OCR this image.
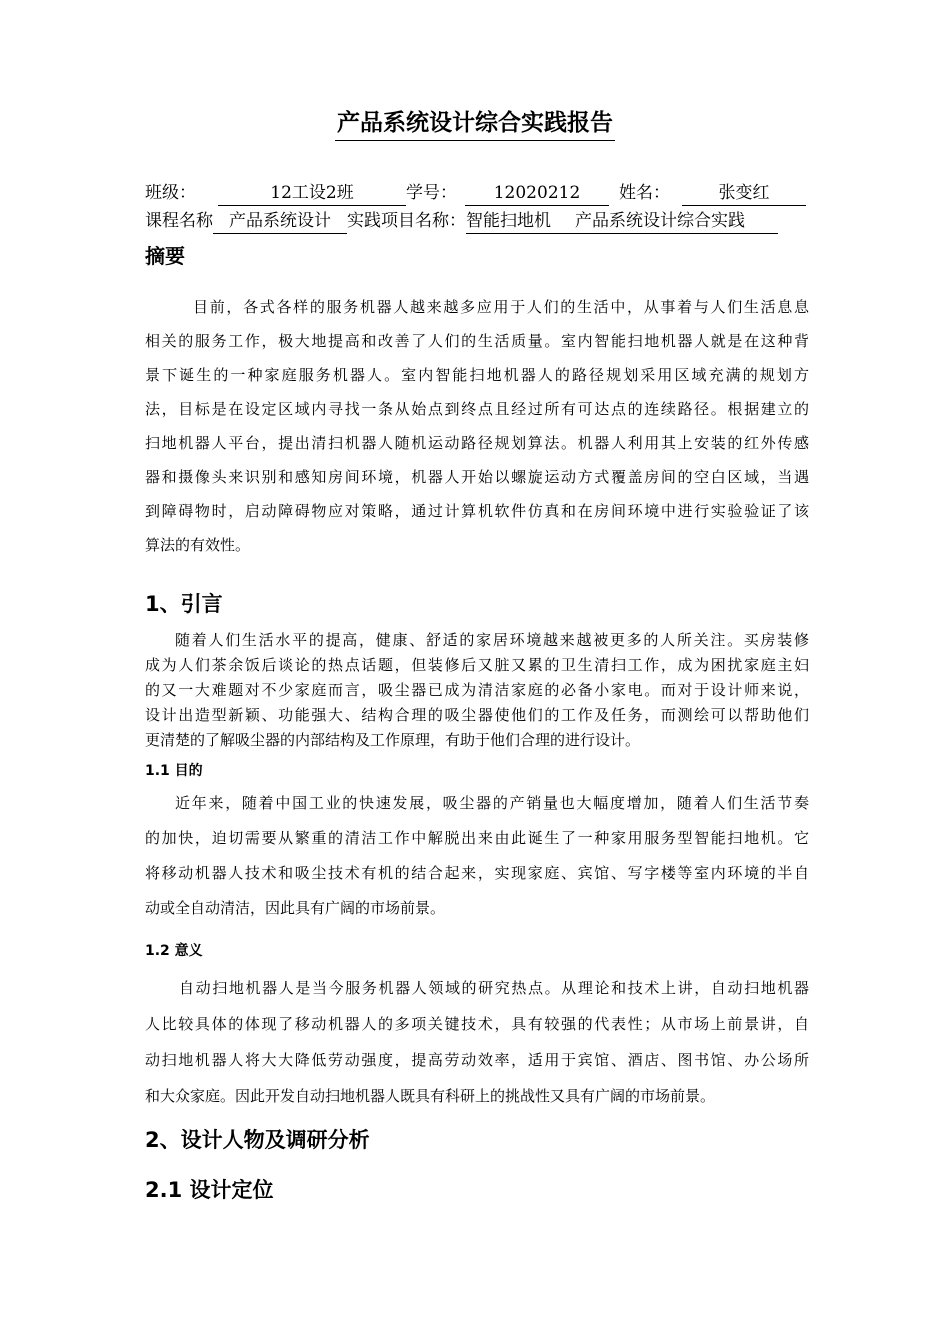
产品系统设计综合实践报告
班级：	12工设2班	学号： 12020212 姓名：	张变红
课程名称 产品系统设计 实践项目名称：智能扫地机 产品系统设计综合实践
摘要
目前，各式各样的服务机器人越来越多应用于人们的生活中，从事着与人们生活息息
相关的服务工作，极大地提高和改善了人们的生活质量。室内智能扫地机器人就是在这种背
景下诞生的一种家庭服务机器人。室内智能扫地机器人的路径规划采用区域充满的规划方
法，目标是在设定区域内寻找一条从始点到终点且经过所有可达点的连续路径。根据建立的
扫地机器人平台，提出清扫机器人随机运动路径规划算法。机器人利用其上安装的红外传感
器和摄像头来识别和感知房间环境，机器人开始以螺旋运动方式覆盖房间的空白区域，当遇
到障碍物时，启动障碍物应对策略，通过计算机软件仿真和在房间环境中进行实验验证了该
算法的有效性。
1、引言
随着人们生活水平的提高，健康、舒适的家居环境越来越被更多的人所关注。买房装修
成为人们茶余饭后谈论的热点话题，但装修后又脏又累的卫生清扫工作，成为困扰家庭主妇
的又一大难题对不少家庭而言，吸尘器已成为清洁家庭的必备小家电。而对于设计师来说，
设计出造型新颖、功能强大、结构合理的吸尘器使他们的工作及任务，而测绘可以帮助他们
更清楚的了解吸尘器的内部结构及工作原理，有助于他们合理的进行设计。
1.1 目的
近年来，随着中国工业的快速发展，吸尘器的产销量也大幅度增加，随着人们生活节奏
的加快，迫切需要从繁重的清洁工作中解脱出来由此诞生了一种家用服务型智能扫地机。它
将移动机器人技术和吸尘技术有机的结合起来，实现家庭、宾馆、写字楼等室内环境的半自
动或全自动清洁，因此具有广阔的市场前景。
1.2 意义
自动扫地机器人是当今服务机器人领域的研究热点。从理论和技术上讲，自动扫地机器
人比较具体的体现了移动机器人的多项关键技术，具有较强的代表性；从市场上前景讲，自
动扫地机器人将大大降低劳动强度，提高劳动效率，适用于宾馆、酒店、图书馆、办公场所
和大众家庭。因此开发自动扫地机器人既具有科研上的挑战性又具有广阔的市场前景。
2、设计人物及调研分析
2.1 设计定位
